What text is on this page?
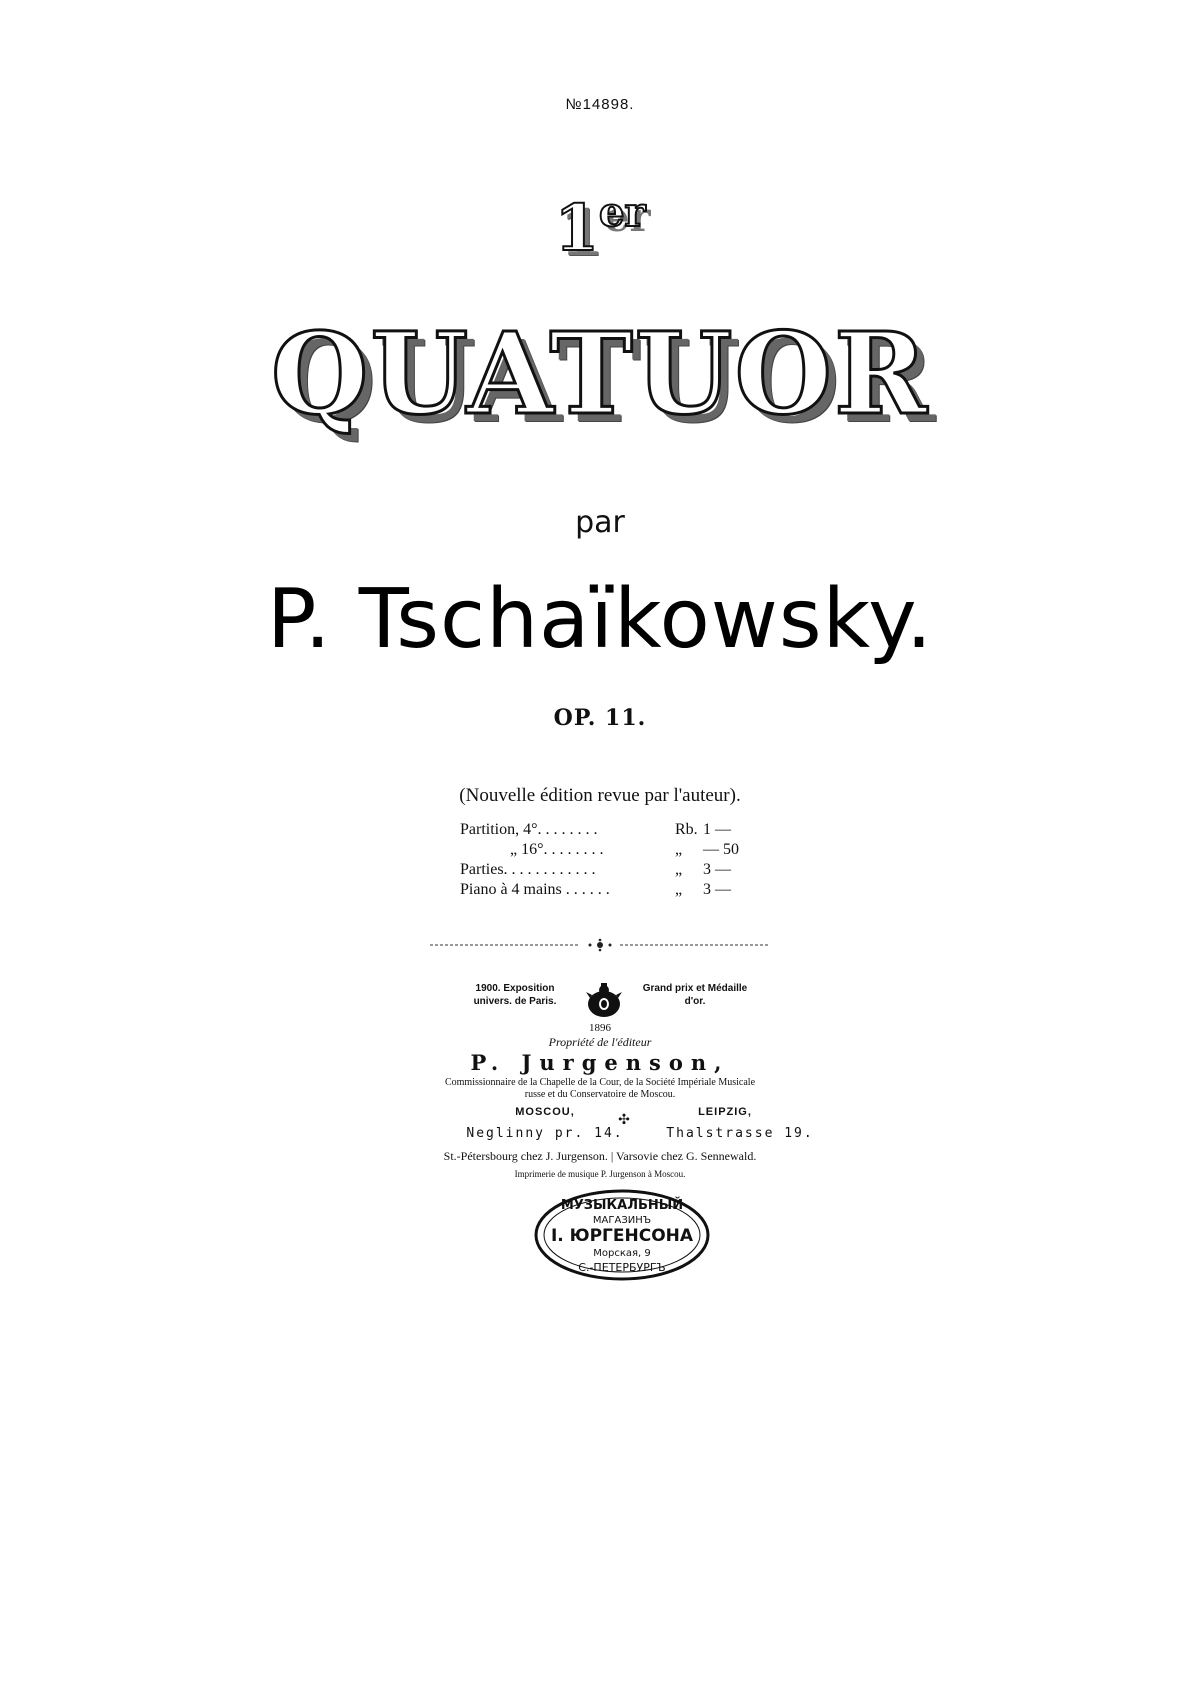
№14898.
1er
QUATUOR
par
P. Tschaïkowsky.
OP. 11.
(Nouvelle édition revue par l'auteur).
Partition, 4°. . . . . . . .	Rb. 1 —
„ 16°. . . . . . . .	„ — 50
Parties. . . . . . . . . . . .	„ 3 —
Piano à 4 mains . . . . . .	„ 3 —
1900. Exposition univers. de Paris.
Grand prix et Médaille d'or.
1896
Propriété de l'éditeur
P. Jurgenson,
Commissionnaire de la Chapelle de la Cour, de la Société Impériale Musicale russe et du Conservatoire de Moscou.
MOSCOU,
Neglinny pr. 14.
✣
LEIPZIG,
Thalstrasse 19.
St.-Pétersbourg chez J. Jurgenson. | Varsovie chez G. Sennewald.
Imprimerie de musique P. Jurgenson à Moscou.
МУЗЫКАЛЬНЫЙ
МАГАЗИНЪ
I. ЮРГЕНСОНА
Морская, 9
С.-ПЕТЕРБУРГЪ
